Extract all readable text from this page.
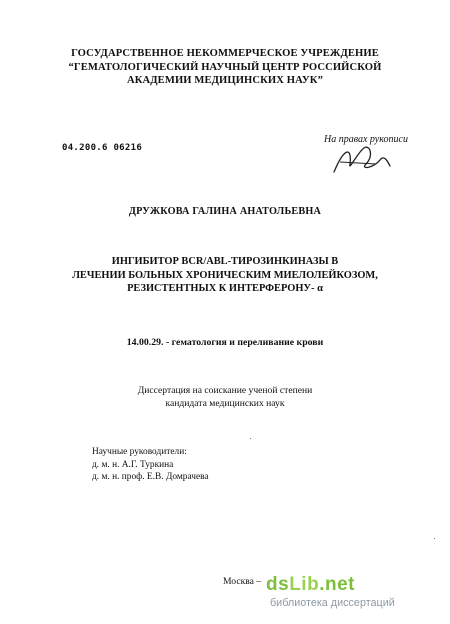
ГОСУДАРСТВЕННОЕ НЕКОММЕРЧЕСКОЕ УЧРЕЖДЕНИЕ
“ГЕМАТОЛОГИЧЕСКИЙ НАУЧНЫЙ ЦЕНТР РОССИЙСКОЙ
АКАДЕМИИ МЕДИЦИНСКИХ НАУК”
04.200.6 06216
На правах рукописи
ДРУЖКОВА ГАЛИНА АНАТОЛЬЕВНА
ИНГИБИТОР BCR/ABL-ТИРОЗИНКИНАЗЫ В
ЛЕЧЕНИИ БОЛЬНЫХ ХРОНИЧЕСКИМ МИЕЛОЛЕЙКОЗОМ,
РЕЗИСТЕНТНЫХ К ИНТЕРФЕРОНУ- α
14.00.29. - гематология и переливание крови
Диссертация на соискание ученой степени
кандидата медицинских наук
Научные руководители:
д. м. н. А.Г. Туркина
д. м. н. проф. Е.В. Домрачева
Москва – dsLib.net
библиотека диссертаций
